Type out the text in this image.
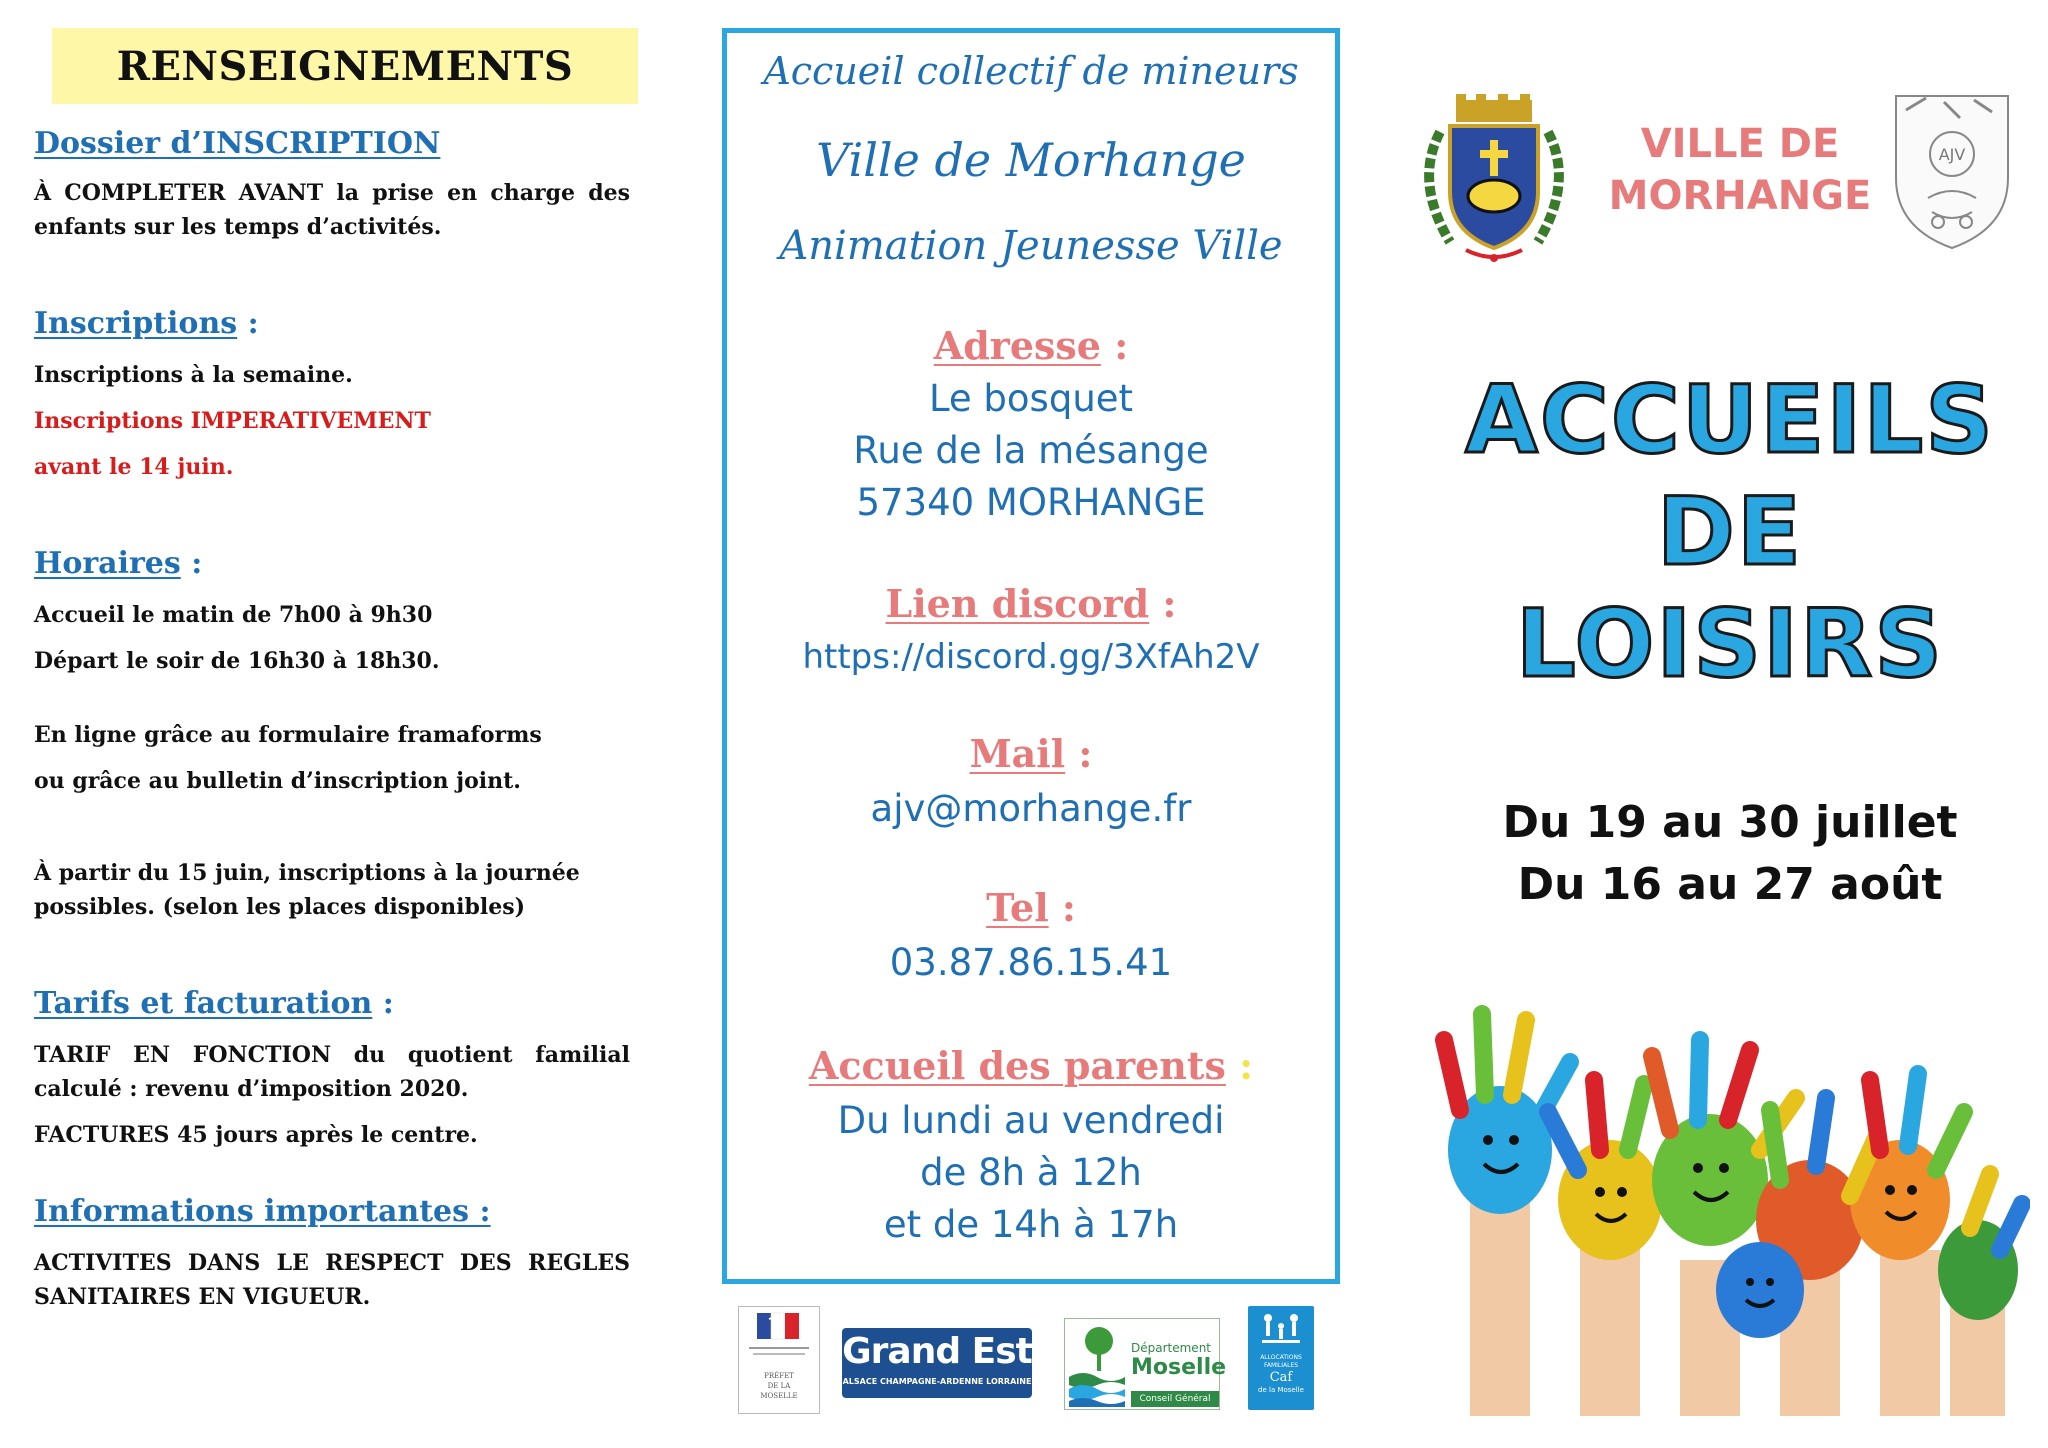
RENSEIGNEMENTS
Dossier d’INSCRIPTION
À COMPLETER AVANT la prise en charge des enfants sur les temps d’activités.
Inscriptions :
Inscriptions à la semaine.
Inscriptions IMPERATIVEMENT
avant le 14 juin.
Horaires :
Accueil le matin de 7h00 à 9h30
Départ le soir de 16h30 à 18h30.
En ligne grâce au formulaire framaforms
ou grâce au bulletin d’inscription joint.
À partir du 15 juin, inscriptions à la journée possibles. (selon les places disponibles)
Tarifs et facturation :
TARIF EN FONCTION du quotient familial calculé : revenu d’imposition 2020.
FACTURES 45 jours après le centre.
Informations importantes :
ACTIVITES DANS LE RESPECT DES REGLES SANITAIRES EN VIGUEUR.
Accueil collectif de mineurs
Ville de Morhange
Animation Jeunesse Ville
Adresse :
Le bosquet
Rue de la mésange
57340 MORHANGE
Lien discord :
https://discord.gg/3XfAh2V
Mail :
ajv@morhange.fr
Tel :
03.87.86.15.41
Accueil des parents :
Du lundi au vendredi
de 8h à 12h
et de 14h à 17h
PRÉFET
DE LA
MOSELLE
Grand Est
ALSACE CHAMPAGNE-ARDENNE LORRAINE
Département
Moselle
Conseil Général
ALLOCATIONS
FAMILIALES
Caf
de la Moselle
VILLE DE
MORHANGE
AJV
ACCUEILS
DE
LOISIRS
Du 19 au 30 juillet
Du 16 au 27 août
